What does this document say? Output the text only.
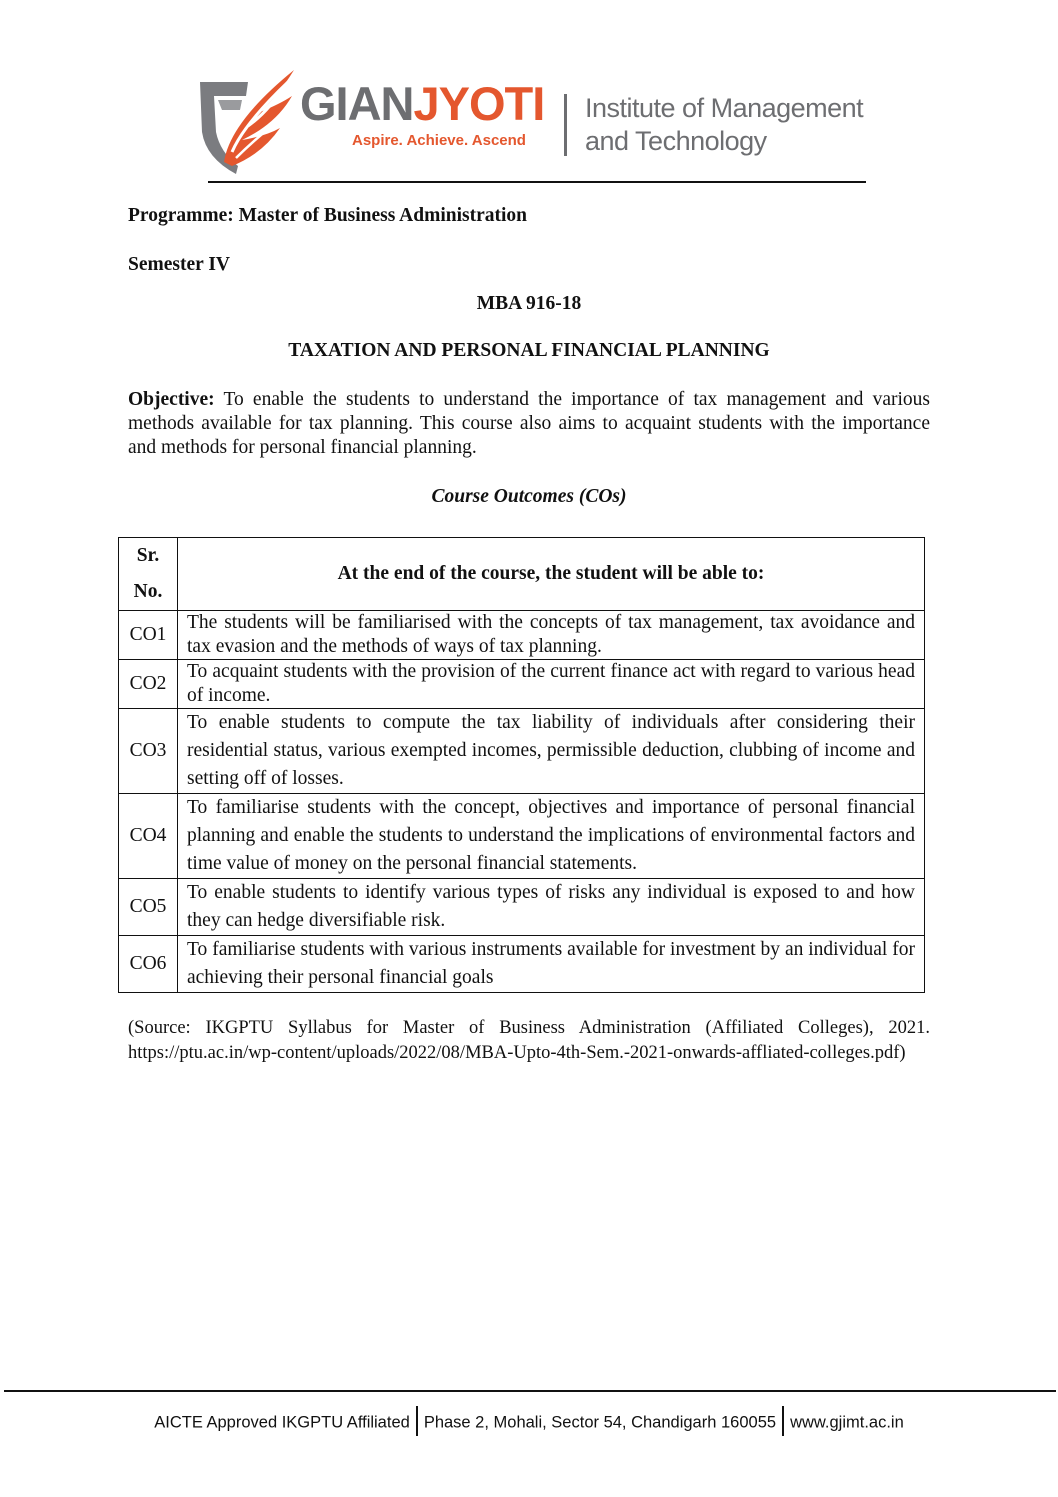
GIANJYOTI
Aspire. Achieve. Ascend
Institute of Management
and Technology
Programme: Master of Business Administration
Semester IV
MBA 916-18
TAXATION AND PERSONAL FINANCIAL PLANNING
Objective: To enable the students to understand the importance of tax management and various methods available for tax planning. This course also aims to acquaint students with the importance and methods for personal financial planning.
Course Outcomes (COs)
Sr.
No.	At the end of the course, the student will be able to:
CO1	The students will be familiarised with the concepts of tax management, tax avoidance and tax evasion and the methods of ways of tax planning.
CO2	To acquaint students with the provision of the current finance act with regard to various head of income.
CO3	To enable students to compute the tax liability of individuals after considering their residential status, various exempted incomes, permissible deduction, clubbing of income and setting off of losses.
CO4	To familiarise students with the concept, objectives and importance of personal financial planning and enable the students to understand the implications of environmental factors and time value of money on the personal financial statements.
CO5	To enable students to identify various types of risks any individual is exposed to and how they can hedge diversifiable risk.
CO6	To familiarise students with various instruments available for investment by an individual for achieving their personal financial goals
(Source: IKGPTU Syllabus for Master of Business Administration (Affiliated Colleges), 2021. https://ptu.ac.in/wp-content/uploads/2022/08/MBA-Upto-4th-Sem.-2021-onwards-affliated-colleges.pdf)
AICTE Approved IKGPTU Affiliated Phase 2, Mohali, Sector 54, Chandigarh 160055 www.gjimt.ac.in
